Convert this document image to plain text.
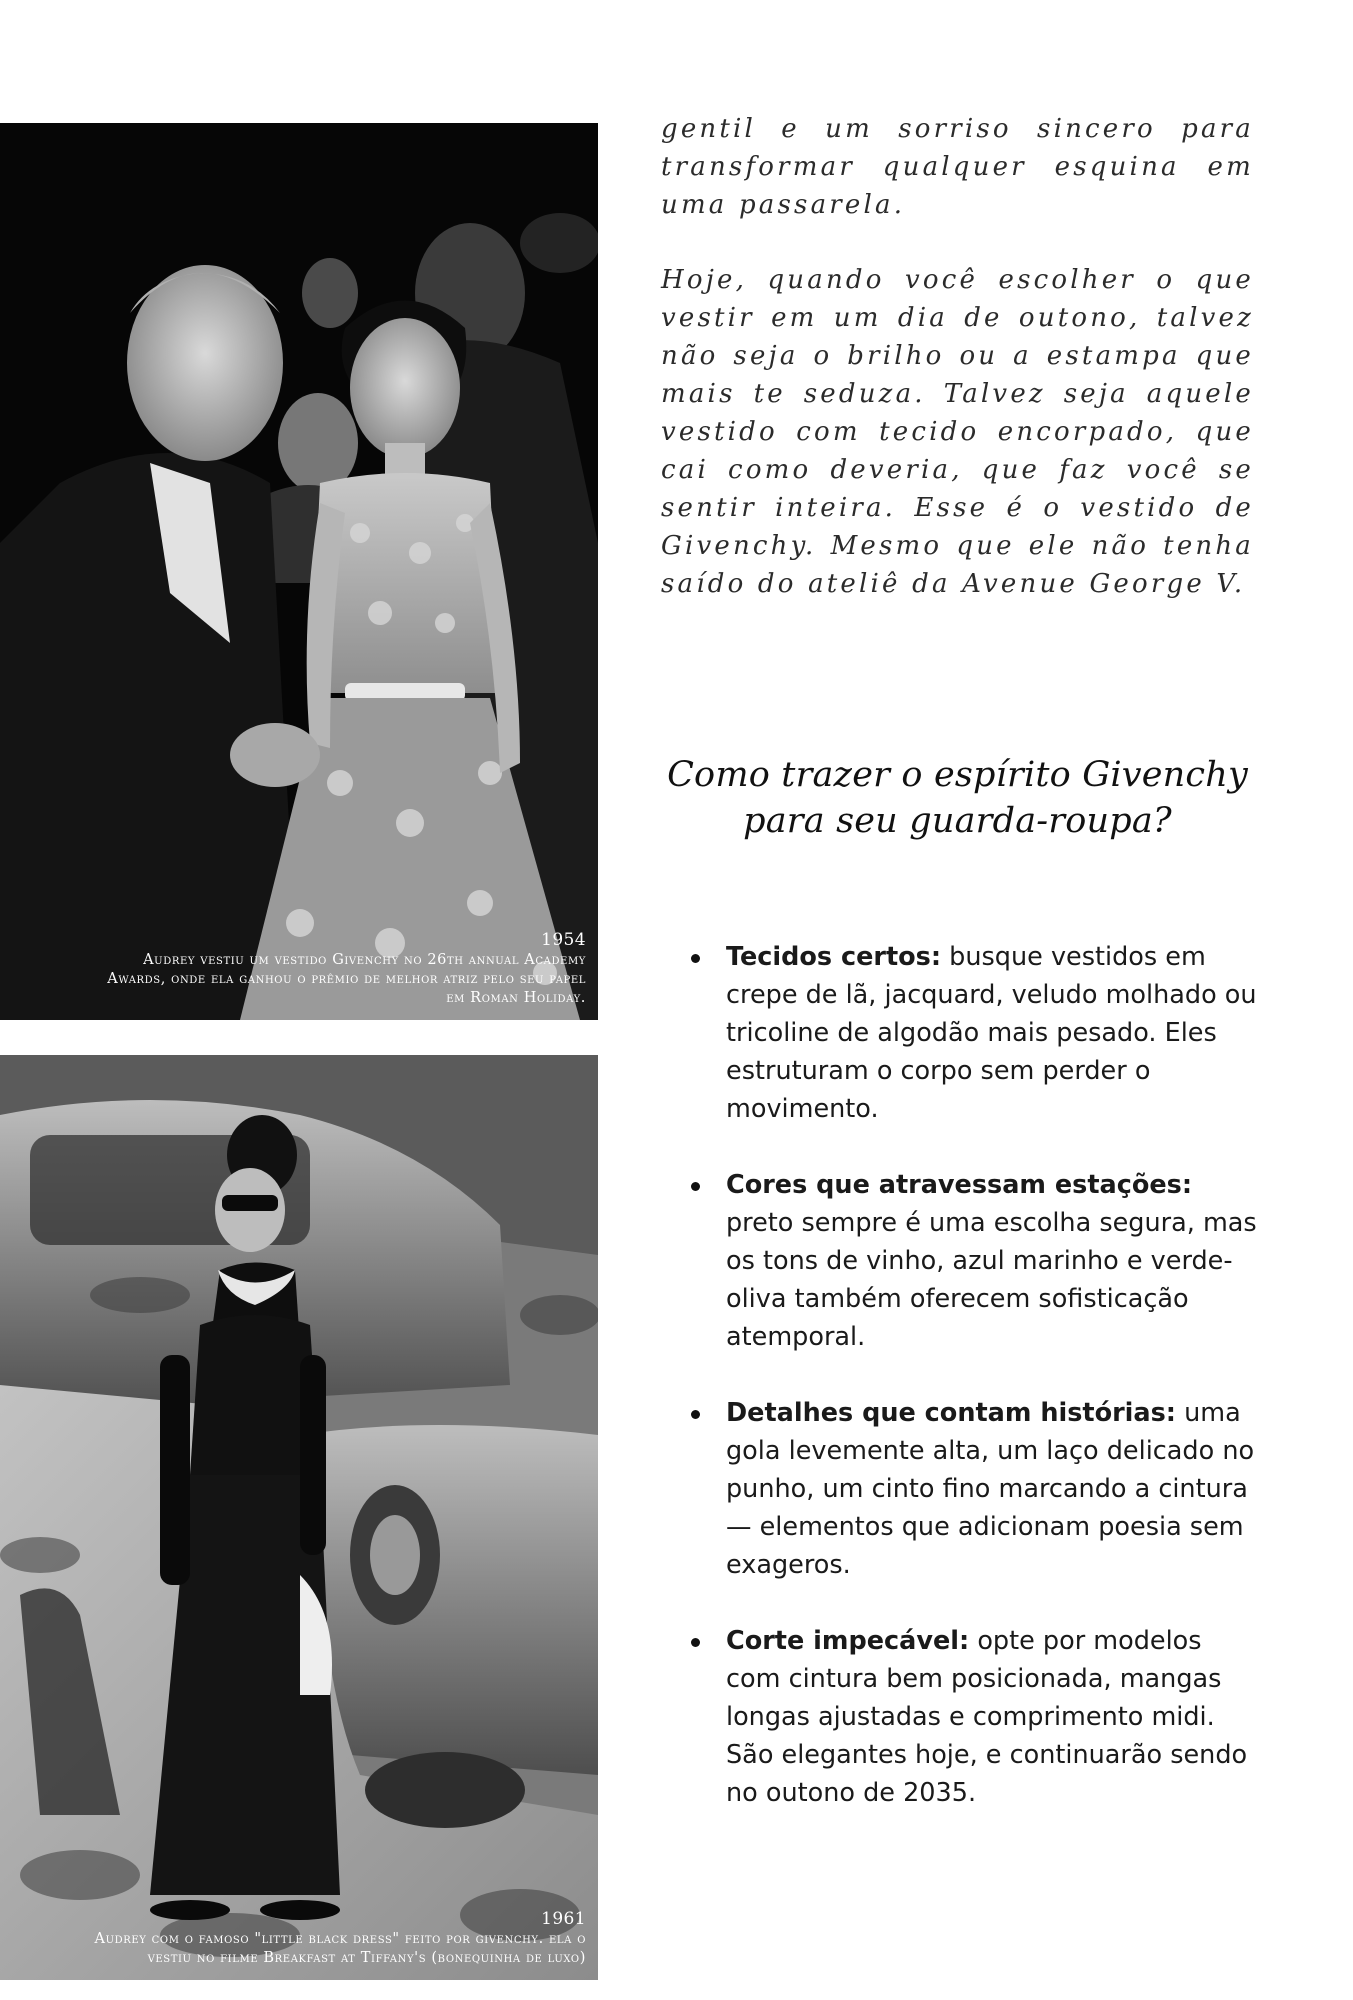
1954
Audrey vestiu um vestido Givenchy no 26th annual Academy Awards, onde ela ganhou o prêmio de melhor atriz pelo seu papel em Roman Holiday.
1961
Audrey com o famoso "little black dress" feito por givenchy. ela o vestiu no filme Breakfast at Tiffany's (bonequinha de luxo)

gentil e um sorriso sincero para transformar qualquer esquina em uma passarela.

Hoje, quando você escolher o que vestir em um dia de outono, talvez não seja o brilho ou a estampa que mais te seduza. Talvez seja aquele vestido com tecido encorpado, que cai como deveria, que faz você se sentir inteira. Esse é o vestido de Givenchy. Mesmo que ele não tenha saído do ateliê da Avenue George V.

Como trazer o espírito Givenchy
para seu guarda-roupa?
Tecidos certos: busque vestidos em crepe de lã, jacquard, veludo molhado ou tricoline de algodão mais pesado. Eles estruturam o corpo sem perder o movimento.
Cores que atravessam estações: preto sempre é uma escolha segura, mas os tons de vinho, azul marinho e verde-oliva também oferecem sofisticação atemporal.
Detalhes que contam histórias: uma gola levemente alta, um laço delicado no punho, um cinto fino marcando a cintura — elementos que adicionam poesia sem exageros.
Corte impecável: opte por modelos com cintura bem posicionada, mangas longas ajustadas e comprimento midi. São elegantes hoje, e continuarão sendo no outono de 2035.
